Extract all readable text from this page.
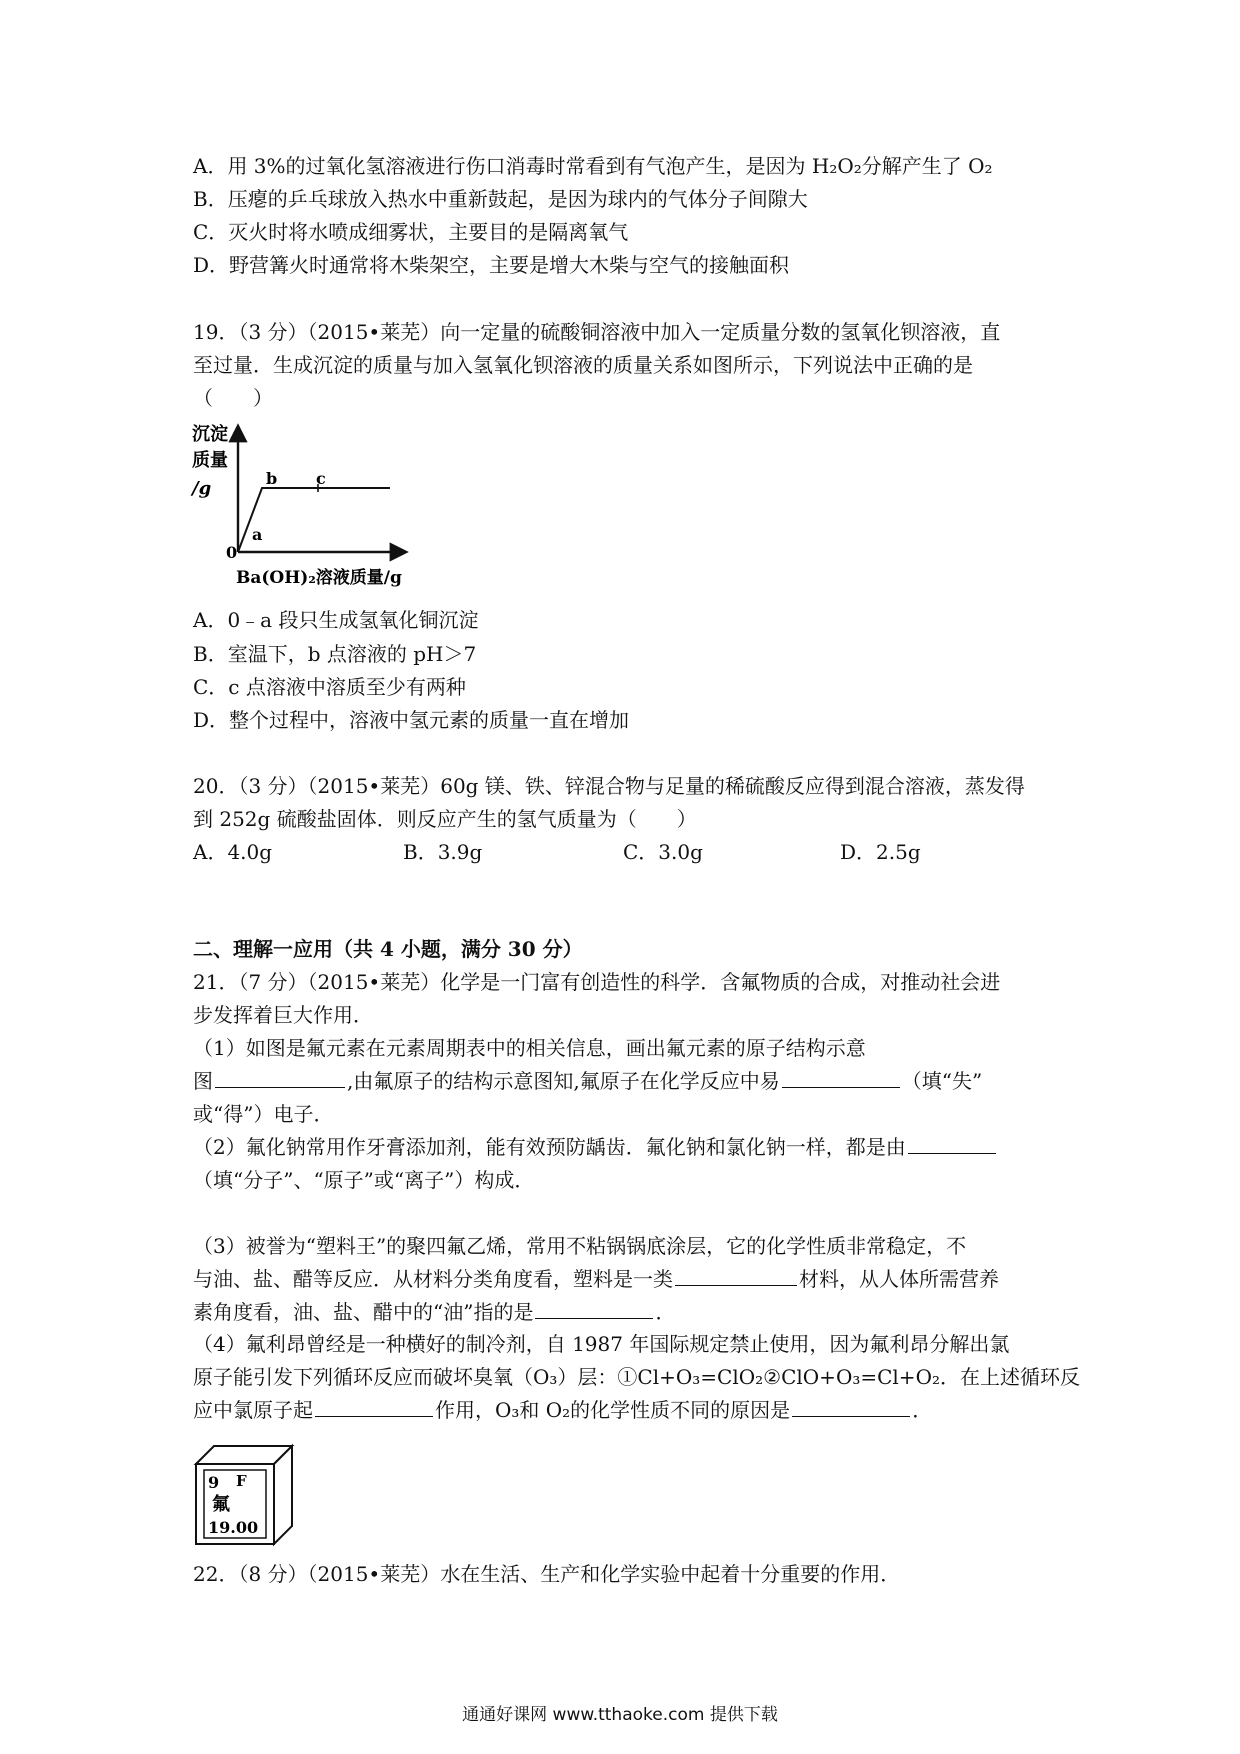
A．用 3%的过氧化氢溶液进行伤口消毒时常看到有气泡产生，是因为 H₂O₂分解产生了 O₂
B．压瘪的乒乓球放入热水中重新鼓起，是因为球内的气体分子间隙大
C．灭火时将水喷成细雾状，主要目的是隔离氧气
D．野营篝火时通常将木柴架空，主要是增大木柴与空气的接触面积
19．（3 分）（2015•莱芜）向一定量的硫酸铜溶液中加入一定质量分数的氢氧化钡溶液，直
至过量．生成沉淀的质量与加入氢氧化钡溶液的质量关系如图所示，下列说法中正确的是
（　　）
沉淀
质量
/g
0
a
b c
Ba(OH)₂溶液质量/g
A．0﹣a 段只生成氢氧化铜沉淀
B．室温下，b 点溶液的 pH＞7
C．c 点溶液中溶质至少有两种
D．整个过程中，溶液中氢元素的质量一直在增加
20．（3 分）（2015•莱芜）60g 镁、铁、锌混合物与足量的稀硫酸反应得到混合溶液，蒸发得
到 252g 硫酸盐固体．则反应产生的氢气质量为（　　）
A．4.0g	B．3.9g	C．3.0g	D．2.5g
二、理解一应用（共 4 小题，满分 30 分）
21．（7 分）（2015•莱芜）化学是一门富有创造性的科学．含氟物质的合成，对推动社会进
步发挥着巨大作用．
（1）如图是氟元素在元素周期表中的相关信息，画出氟元素的原子结构示意
图	,由氟原子的结构示意图知,氟原子在化学反应中易	（填“失”
或“得”）电子．
（2）氟化钠常用作牙膏添加剂，能有效预防龋齿．氟化钠和氯化钠一样，都是由
（填“分子”、“原子”或“离子”）构成．
（3）被誉为“塑料王”的聚四氟乙烯，常用不粘锅锅底涂层，它的化学性质非常稳定，不
与油、盐、醋等反应．从材料分类角度看，塑料是一类	材料，从人体所需营养
素角度看，油、盐、醋中的“油”指的是	．
（4）氟利昂曾经是一种横好的制冷剂，自 1987 年国际规定禁止使用，因为氟利昂分解出氯
原子能引发下列循环反应而破坏臭氧（O₃）层：①Cl+O₃=ClO₂②ClO+O₃=Cl+O₂．在上述循环反
应中氯原子起	作用，O₃和 O₂的化学性质不同的原因是	．
9 F
氟
19.00
22．（8 分）（2015•莱芜）水在生活、生产和化学实验中起着十分重要的作用．
通通好课网 www.tthaoke.com 提供下载
